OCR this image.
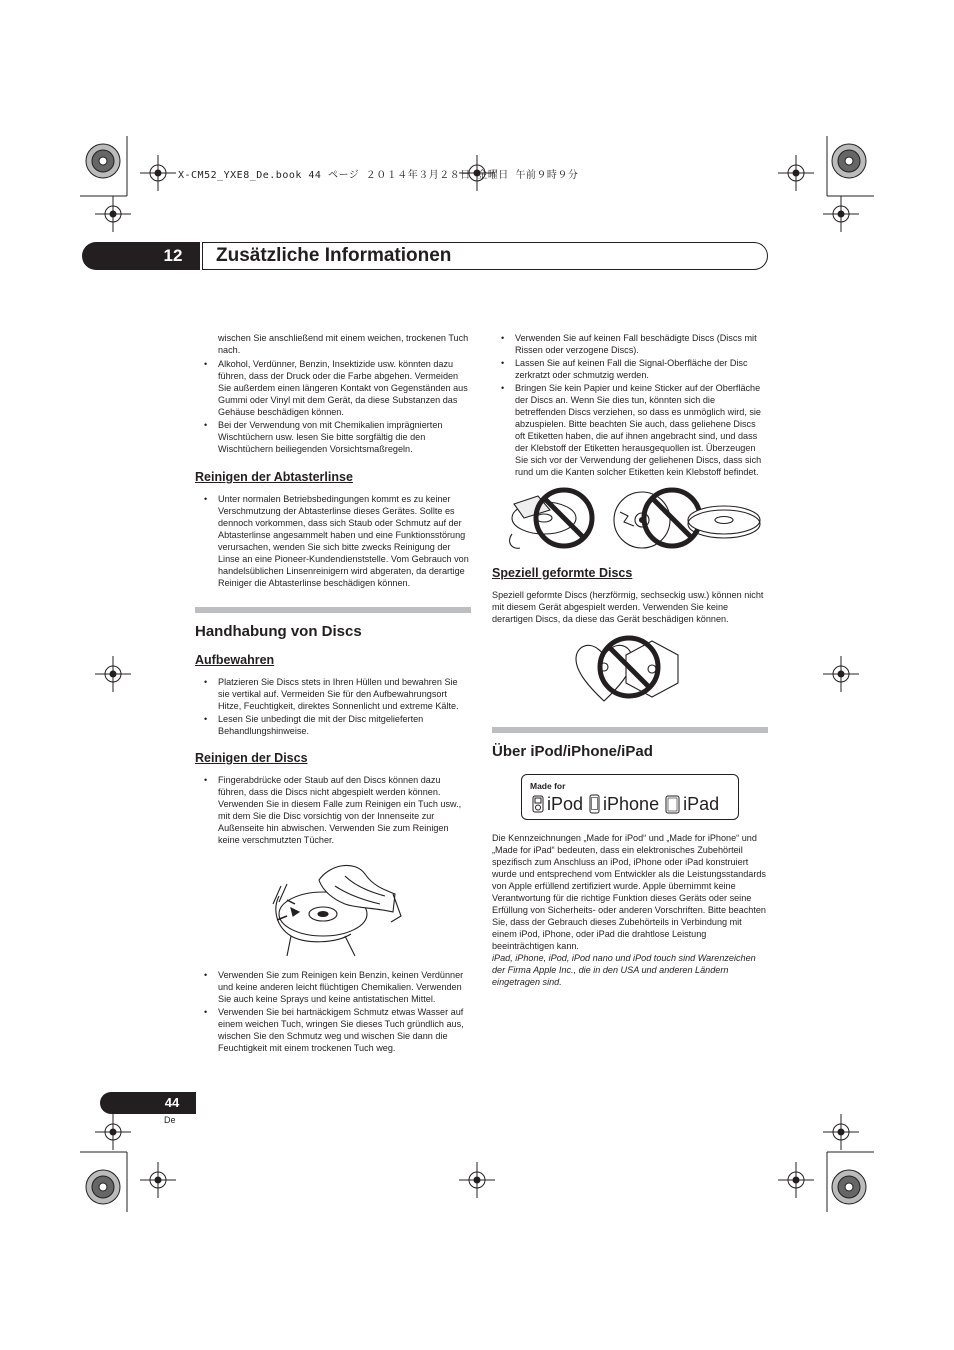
X-CM52_YXE8_De.book 44 ページ ２０１４年３月２８日 金曜日 午前９時９分
12	Zusätzliche Informationen

wischen Sie anschließend mit einem weichen, trockenen Tuch nach.

• Alkohol, Verdünner, Benzin, Insektizide usw. könnten dazu führen, dass der Druck oder die Farbe abgehen. Vermeiden Sie außerdem einen längeren Kontakt von Gegenständen aus Gummi oder Vinyl mit dem Gerät, da diese Substanzen das Gehäuse beschädigen können.
• Bei der Verwendung von mit Chemikalien imprägnierten Wischtüchern usw. lesen Sie bitte sorgfältig die den Wischtüchern beiliegenden Vorsichtsmaßregeln.
Reinigen der Abtasterlinse
• Unter normalen Betriebsbedingungen kommt es zu keiner Verschmutzung der Abtasterlinse dieses Gerätes. Sollte es dennoch vorkommen, dass sich Staub oder Schmutz auf der Abtasterlinse angesammelt haben und eine Funktionsstörung verursachen, wenden Sie sich bitte zwecks Reinigung der Linse an eine Pioneer-Kundendienststelle. Vom Gebrauch von handelsüblichen Linsenreinigern wird abgeraten, da derartige Reiniger die Abtasterlinse beschädigen können.
Handhabung von Discs
Aufbewahren
• Platzieren Sie Discs stets in Ihren Hüllen und bewahren Sie sie vertikal auf. Vermeiden Sie für den Aufbewahrungsort Hitze, Feuchtigkeit, direktes Sonnenlicht und extreme Kälte.
• Lesen Sie unbedingt die mit der Disc mitgelieferten Behandlungshinweise.
Reinigen der Discs
• Fingerabdrücke oder Staub auf den Discs können dazu führen, dass die Discs nicht abgespielt werden können. Verwenden Sie in diesem Falle zum Reinigen ein Tuch usw., mit dem Sie die Disc vorsichtig von der Innenseite zur Außenseite hin abwischen. Verwenden Sie zum Reinigen keine verschmutzten Tücher.
• Verwenden Sie zum Reinigen kein Benzin, keinen Verdünner und keine anderen leicht flüchtigen Chemikalien. Verwenden Sie auch keine Sprays und keine antistatischen Mittel.
• Verwenden Sie bei hartnäckigem Schmutz etwas Wasser auf einem weichen Tuch, wringen Sie dieses Tuch gründlich aus, wischen Sie den Schmutz weg und wischen Sie dann die Feuchtigkeit mit einem trockenen Tuch weg.
• Verwenden Sie auf keinen Fall beschädigte Discs (Discs mit Rissen oder verzogene Discs).
• Lassen Sie auf keinen Fall die Signal-Oberfläche der Disc zerkratzt oder schmutzig werden.
• Bringen Sie kein Papier und keine Sticker auf der Oberfläche der Discs an. Wenn Sie dies tun, könnten sich die betreffenden Discs verziehen, so dass es unmöglich wird, sie abzuspielen. Bitte beachten Sie auch, dass geliehene Discs oft Etiketten haben, die auf ihnen angebracht sind, und dass der Klebstoff der Etiketten herausgequollen ist. Überzeugen Sie sich vor der Verwendung der geliehenen Discs, dass sich rund um die Kanten solcher Etiketten kein Klebstoff befindet.
Speziell geformte Discs

Speziell geformte Discs (herzförmig, sechseckig usw.) können nicht mit diesem Gerät abgespielt werden. Verwenden Sie keine derartigen Discs, da diese das Gerät beschädigen können.

Über iPod/iPhone/iPad
Made for
iPod iPhone iPad

Die Kennzeichnungen „Made for iPod“ und „Made for iPhone“ und „Made for iPad“ bedeuten, dass ein elektronisches Zubehörteil spezifisch zum Anschluss an iPod, iPhone oder iPad konstruiert wurde und entsprechend vom Entwickler als die Leistungsstandards von Apple erfüllend zertifiziert wurde. Apple übernimmt keine Verantwortung für die richtige Funktion dieses Geräts oder seine Erfüllung von Sicherheits- oder anderen Vorschriften. Bitte beachten Sie, dass der Gebrauch dieses Zubehörteils in Verbindung mit einem iPod, iPhone, oder iPad die drahtlose Leistung beeinträchtigen kann.

iPad, iPhone, iPod, iPod nano und iPod touch sind Warenzeichen der Firma Apple Inc., die in den USA und anderen Ländern eingetragen sind.

44
De
